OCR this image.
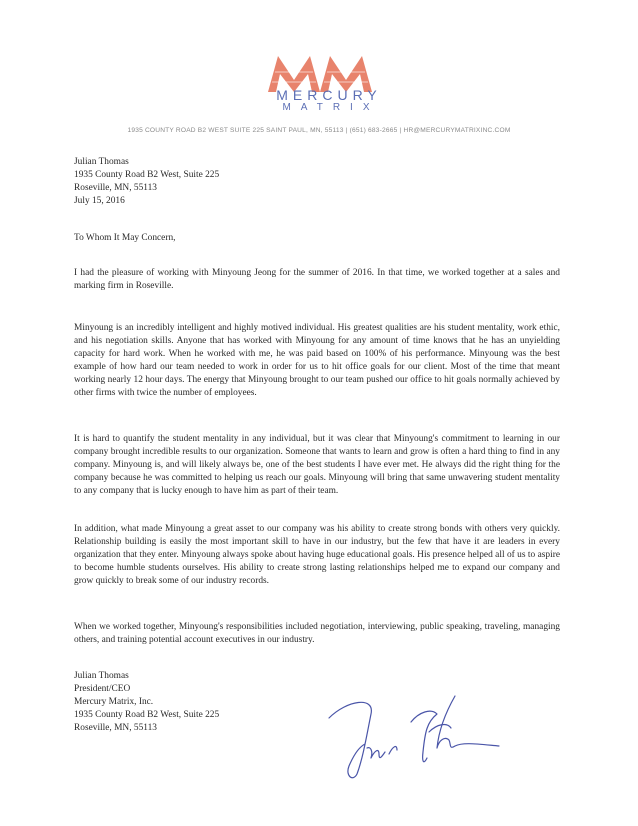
MERCURY
MATRIX
1935 COUNTY ROAD B2 WEST SUITE 225 SAINT PAUL, MN, 55113 | (651) 683-2665 | HR@MERCURYMATRIXINC.COM
Julian Thomas
1935 County Road B2 West, Suite 225
Roseville, MN, 55113
July 15, 2016
To Whom It May Concern,
I had the pleasure of working with Minyoung Jeong for the summer of 2016. In that time, we worked together at a sales and marking firm in Roseville.
Minyoung is an incredibly intelligent and highly motived individual. His greatest qualities are his student mentality, work ethic, and his negotiation skills. Anyone that has worked with Minyoung for any amount of time knows that he has an unyielding capacity for hard work. When he worked with me, he was paid based on 100% of his performance. Minyoung was the best example of how hard our team needed to work in order for us to hit office goals for our client. Most of the time that meant working nearly 12 hour days. The energy that Minyoung brought to our team pushed our office to hit goals normally achieved by other firms with twice the number of employees.
It is hard to quantify the student mentality in any individual, but it was clear that Minyoung's commitment to learning in our company brought incredible results to our organization. Someone that wants to learn and grow is often a hard thing to find in any company. Minyoung is, and will likely always be, one of the best students I have ever met. He always did the right thing for the company because he was committed to helping us reach our goals. Minyoung will bring that same unwavering student mentality to any company that is lucky enough to have him as part of their team.
In addition, what made Minyoung a great asset to our company was his ability to create strong bonds with others very quickly. Relationship building is easily the most important skill to have in our industry, but the few that have it are leaders in every organization that they enter. Minyoung always spoke about having huge educational goals. His presence helped all of us to aspire to become humble students ourselves. His ability to create strong lasting relationships helped me to expand our company and grow quickly to break some of our industry records.
When we worked together, Minyoung's responsibilities included negotiation, interviewing, public speaking, traveling, managing others, and training potential account executives in our industry.
Julian Thomas
President/CEO
Mercury Matrix, Inc.
1935 County Road B2 West, Suite 225
Roseville, MN, 55113
